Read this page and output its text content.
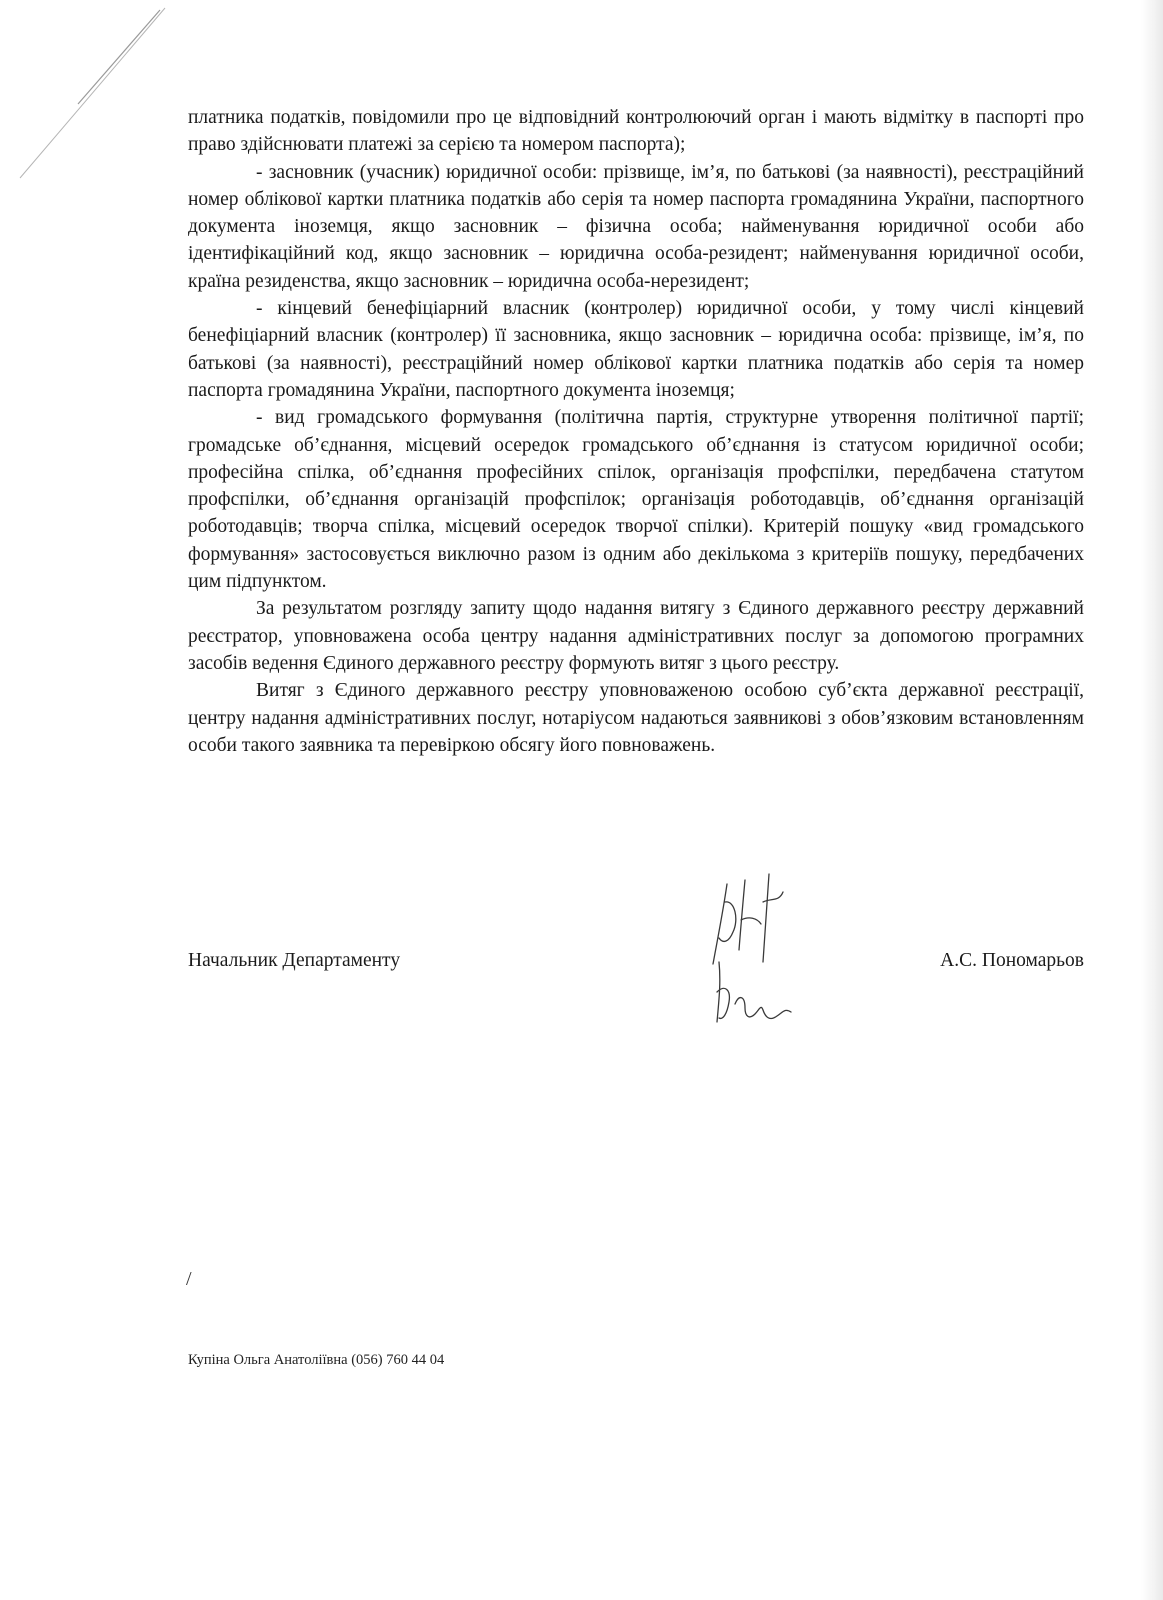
платника податків, повідомили про це відповідний контролюючий орган і мають відмітку в паспорті про право здійснювати платежі за серією та номером паспорта);

- засновник (учасник) юридичної особи: прізвище, ім’я, по батькові (за наявності), реєстраційний номер облікової картки платника податків або серія та номер паспорта громадянина України, паспортного документа іноземця, якщо засновник – фізична особа; найменування юридичної особи або ідентифікаційний код, якщо засновник – юридична особа-резидент; найменування юридичної особи, країна резиденства, якщо засновник – юридична особа-нерезидент;

- кінцевий бенефіціарний власник (контролер) юридичної особи, у тому числі кінцевий бенефіціарний власник (контролер) її засновника, якщо засновник – юридична особа: прізвище, ім’я, по батькові (за наявності), реєстраційний номер облікової картки платника податків або серія та номер паспорта громадянина України, паспортного документа іноземця;

- вид громадського формування (політична партія, структурне утворення політичної партії; громадське об’єднання, місцевий осередок громадського об’єднання із статусом юридичної особи; професійна спілка, об’єднання професійних спілок, організація профспілки, передбачена статутом профспілки, об’єднання організацій профспілок; організація роботодавців, об’єднання організацій роботодавців; творча спілка, місцевий осередок творчої спілки). Критерій пошуку «вид громадського формування» застосовується виключно разом із одним або декількома з критеріїв пошуку, передбачених цим підпунктом.

За результатом розгляду запиту щодо надання витягу з Єдиного державного реєстру державний реєстратор, уповноважена особа центру надання адміністративних послуг за допомогою програмних засобів ведення Єдиного державного реєстру формують витяг з цього реєстру.

Витяг з Єдиного державного реєстру уповноваженою особою суб’єкта державної реєстрації, центру надання адміністративних послуг, нотаріусом надаються заявникові з обов’язковим встановленням особи такого заявника та перевіркою обсягу його повноважень.

Начальник Департаменту	А.С. Пономарьов
/
Купіна Ольга Анатоліївна (056) 760 44 04
